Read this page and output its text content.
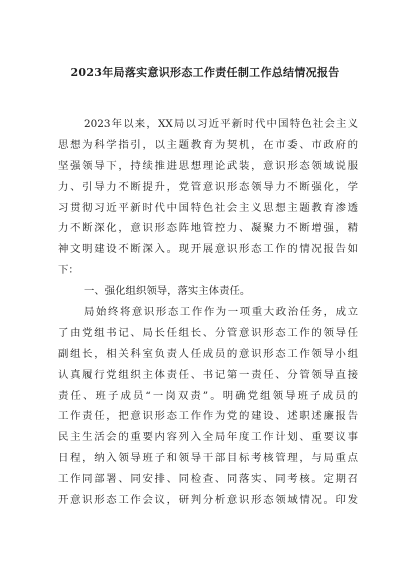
2023年局落实意识形态工作责任制工作总结情况报告
2023年以来，XX局以习近平新时代中国特色社会主义
思想为科学指引，以主题教育为契机，在市委、市政府的
坚强领导下，持续推进思想理论武装，意识形态领域说服
力、引导力不断提升，党管意识形态领导力不断强化，学
习贯彻习近平新时代中国特色社会主义思想主题教育渗透
力不断深化，意识形态阵地管控力、凝聚力不断增强，精
神文明建设不断深入。现开展意识形态工作的情况报告如
下：
一、强化组织领导，落实主体责任。
局始终将意识形态工作作为一项重大政治任务，成立
了由党组书记、局长任组长、分管意识形态工作的领导任
副组长，相关科室负责人任成员的意识形态工作领导小组
认真履行党组织主体责任、书记第一责任、分管领导直接
责任、班子成员“一岗双责”。明确党组领导班子成员的
工作责任，把意识形态工作作为党的建设、述职述廉报告
民主生活会的重要内容列入全局年度工作计划、重要议事
日程，纳入领导班子和领导干部目标考核管理，与局重点
工作同部署、同安排、同检查、同落实、同考核。定期召
开意识形态工作会议，研判分析意识形态领域情况。印发
